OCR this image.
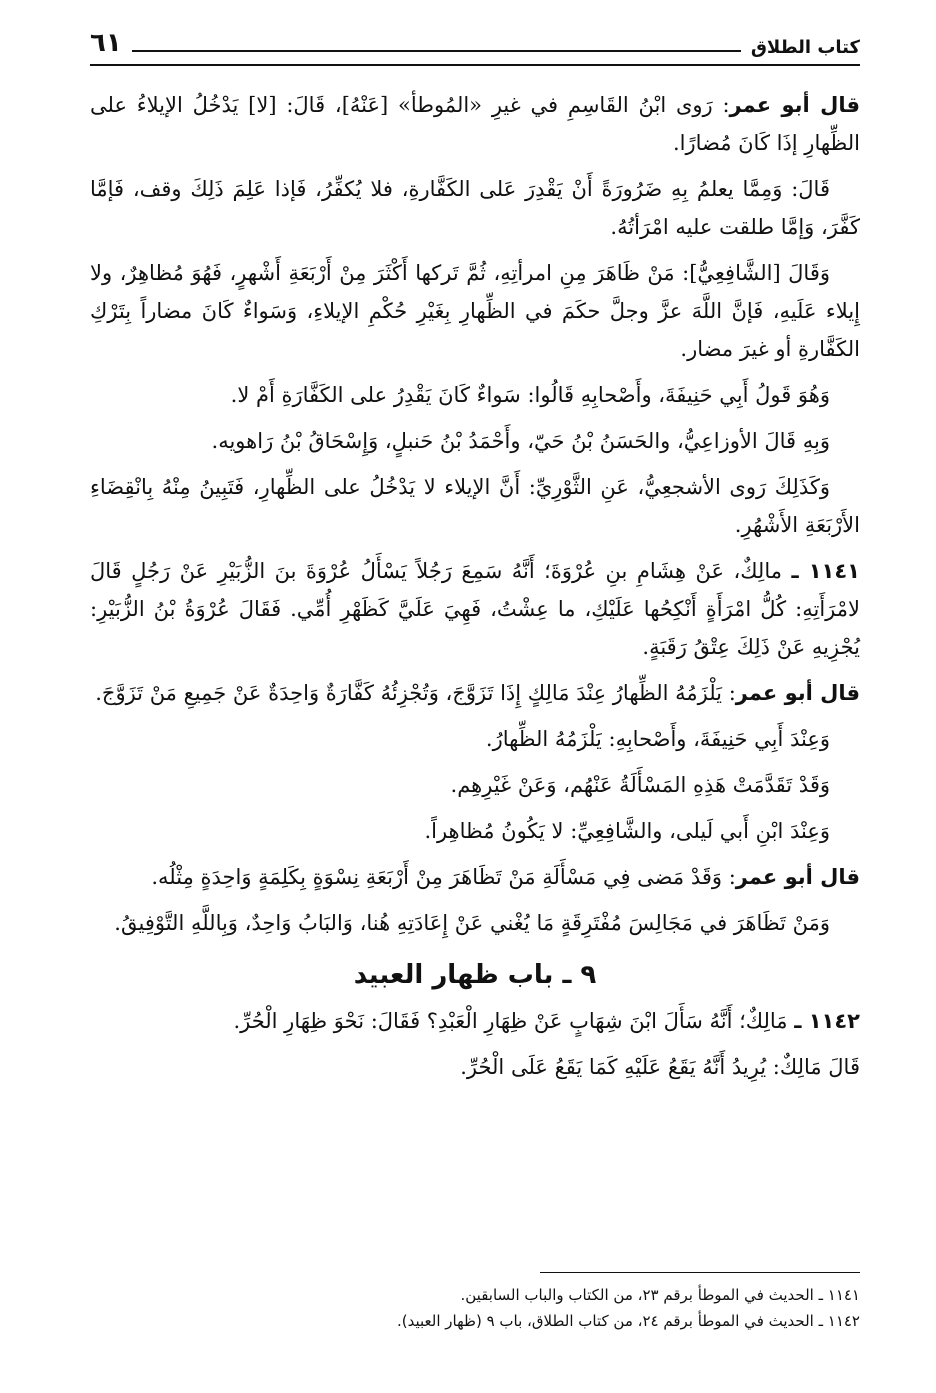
كتاب الطلاق
٦١

قال أبو عمر: رَوى ابْنُ القَاسِمِ في غيرِ «المُوطأ» [عَنْهُ]، قَالَ: [لا] يَدْخُلُ الإيلاءُ على الظِّهارِ إذَا كَانَ مُضارًا.

قَالَ: وَمِمَّا يعلمُ بِهِ ضَرُورَةً أَنْ يَقْدِرَ عَلى الكَفَّارةِ، فلا يُكفِّرُ، فَإذا عَلِمَ ذَلِكَ وقف، فَإمَّا كَفَّرَ، وَإمَّا طلقت عليه امْرَأتُهُ.

وَقَالَ [الشَّافِعِيُّ]: مَنْ ظَاهَرَ مِنِ امرأتِهِ، ثُمَّ تَركها أَكْثَرَ مِنْ أَرْبَعَةِ أَشْهرٍ، فَهُوَ مُظاهِرٌ، ولا إِيلاء عَلَيهِ، فَإنَّ اللَّهَ عزَّ وجلَّ حكَمَ في الظِّهارِ بِغَيْرِ حُكْمِ الإيلاءِ، وَسَواءٌ كَانَ مضاراً بِتَرْكِ الكَفَّارةِ أو غيرَ مضار.

وَهُوَ قَولُ أَبِي حَنِيفَةَ، وأَصْحابِهِ قَالُوا: سَواءٌ كَانَ يَقْدِرُ على الكَفَّارَةِ أَمْ لا.

وَبِهِ قَالَ الأوزاعِيُّ، والحَسَنُ بْنُ حَيّ، وأَحْمَدُ بْنُ حَنبلٍ، وَإِسْحَاقُ بْنُ رَاهويه.

وَكَذَلِكَ رَوى الأشجعِيُّ، عَنِ الثَّوْرِيِّ: أَنَّ الإيلاء لا يَدْخُلُ على الظِّهارِ، فَتَبِينُ مِنْهُ بِانْقِضَاءِ الأَرْبَعَةِ الأَشْهُرِ.

١١٤١ ـ مالِكٌ، عَنْ هِشَامِ بنِ عُرْوَةَ؛ أَنَّهُ سَمِعَ رَجُلاً يَسْأَلُ عُرْوَةَ بنَ الزُّبَيْرِ عَنْ رَجُلٍ قَالَ لامْرَأَتِهِ: كُلُّ امْرَأَةٍ أَنْكِحُها عَلَيْكِ، ما عِشْتُ، فَهِيَ عَلَيَّ كَظَهْرِ أُمِّي. فَقَالَ عُرْوَةُ بْنُ الزُّبَيْرِ: يُجْزِيهِ عَنْ ذَلِكَ عِتْقُ رَقَبَةٍ.

قال أبو عمر: يَلْزَمُهُ الظِّهارُ عِنْدَ مَالِكٍ إِذَا تَزَوَّجَ، وَتُجْزِئُهُ كَفَّارَةٌ وَاحِدَةٌ عَنْ جَمِيعِ مَنْ تَزَوَّجَ.

وَعِنْدَ أَبِي حَنِيفَةَ، وأَصْحابِهِ: يَلْزَمُهُ الظِّهارُ.

وَقَدْ تَقَدَّمَتْ هَذِهِ المَسْأَلَةُ عَنْهُم، وَعَنْ غَيْرِهِم.

وَعِنْدَ ابْنِ أَبي لَيلى، والشَّافِعِيِّ: لا يَكُونُ مُظاهِراً.

قال أبو عمر: وَقَدْ مَضى فِي مَسْأَلَةِ مَنْ تَظَاهَرَ مِنْ أَرْبَعَةِ نِسْوَةٍ بِكَلِمَةٍ وَاحِدَةٍ مِثْلُه.

وَمَنْ تَظَاهَرَ في مَجَالِسَ مُفْتَرِقَةٍ مَا يُغْني عَنْ إِعَادَتِهِ هُنا، وَالبَابُ وَاحِدٌ، وَبِاللَّهِ التَّوْفِيقُ.

٩ ـ باب ظهار العبيد

١١٤٢ ـ مَالِكٌ؛ أَنَّهُ سَأَلَ ابْنَ شِهَابٍ عَنْ ظِهَارِ الْعَبْدِ؟ فَقَالَ: نَحْوَ ظِهَارِ الْحُرِّ.

قَالَ مَالِكٌ: يُرِيدُ أَنَّهُ يَقَعُ عَلَيْهِ كَمَا يَقَعُ عَلَى الْحُرِّ.

١١٤١ ـ الحديث في الموطأ برقم ٢٣، من الكتاب والباب السابقين.
١١٤٢ ـ الحديث في الموطأ برقم ٢٤، من كتاب الطلاق، باب ٩ (ظهار العبيد).
